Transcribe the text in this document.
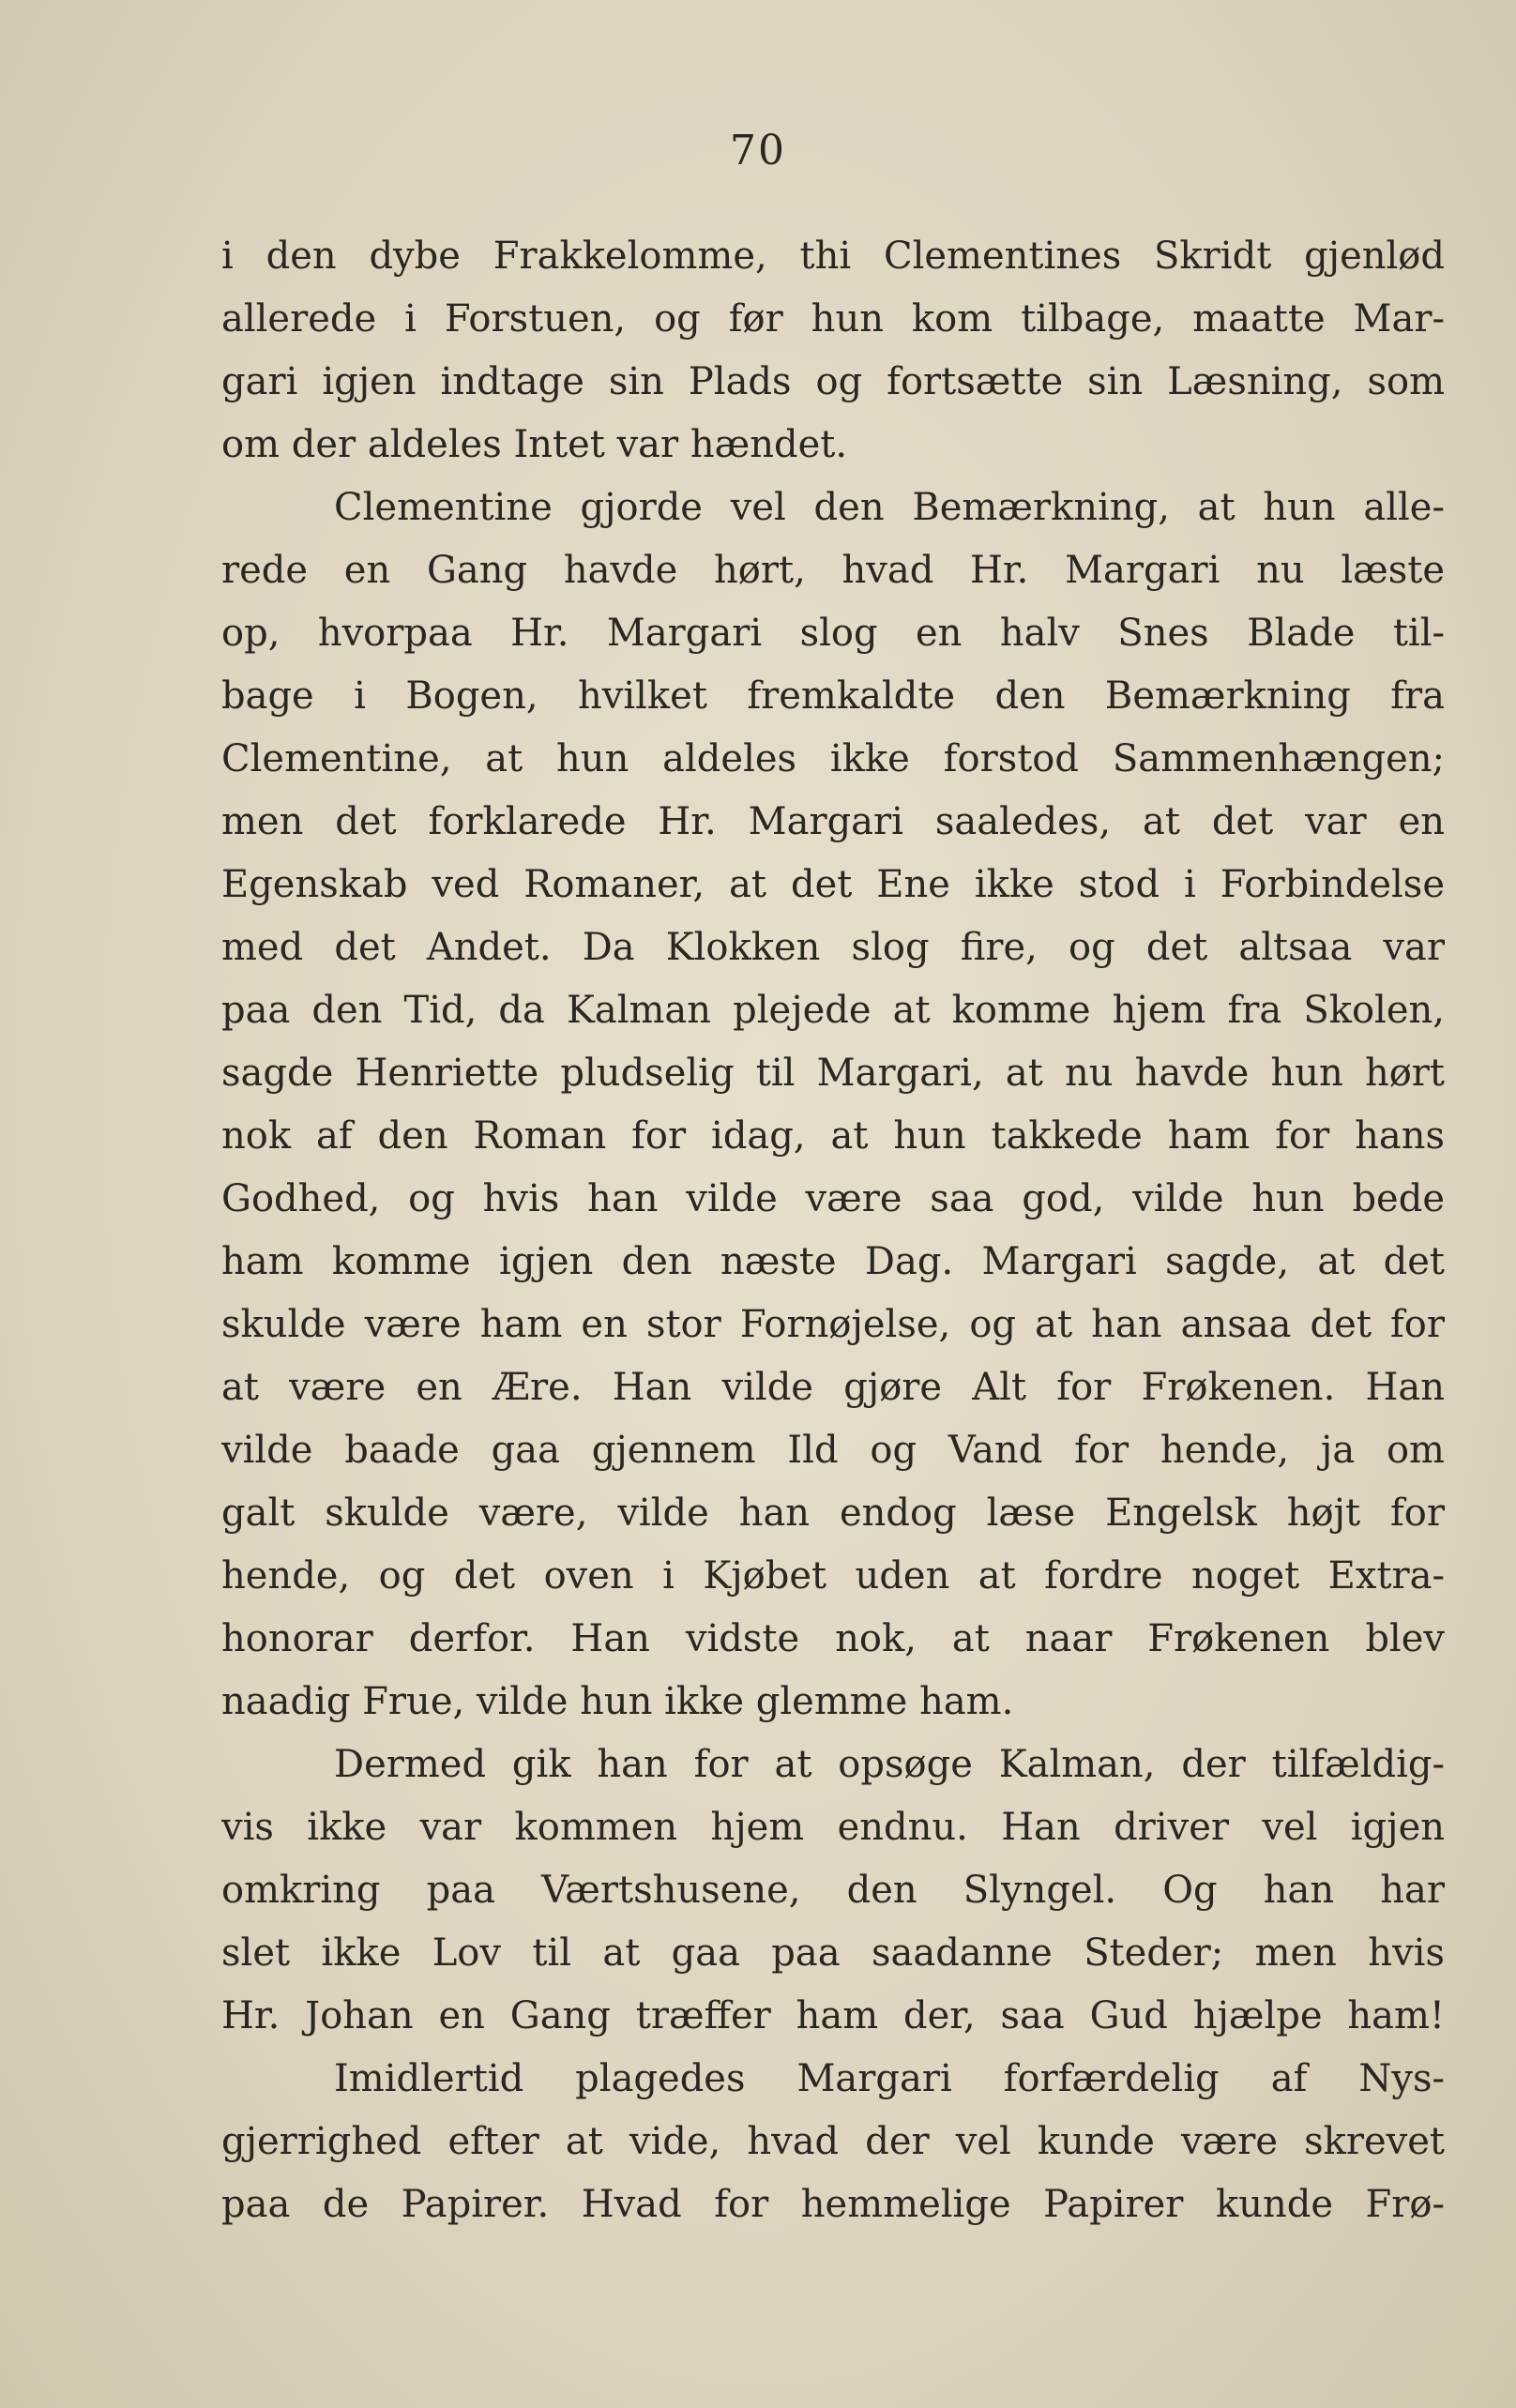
70
i den dybe Frakkelomme, thi Clementines Skridt gjenlød
allerede i Forstuen, og før hun kom tilbage, maatte Mar-
gari igjen indtage sin Plads og fortsætte sin Læsning, som
om der aldeles Intet var hændet.
Clementine gjorde vel den Bemærkning, at hun alle-
rede en Gang havde hørt, hvad Hr. Margari nu læste
op, hvorpaa Hr. Margari slog en halv Snes Blade til-
bage i Bogen, hvilket fremkaldte den Bemærkning fra
Clementine, at hun aldeles ikke forstod Sammenhængen;
men det forklarede Hr. Margari saaledes, at det var en
Egenskab ved Romaner, at det Ene ikke stod i Forbindelse
med det Andet. Da Klokken slog fire, og det altsaa var
paa den Tid, da Kalman plejede at komme hjem fra Skolen,
sagde Henriette pludselig til Margari, at nu havde hun hørt
nok af den Roman for idag, at hun takkede ham for hans
Godhed, og hvis han vilde være saa god, vilde hun bede
ham komme igjen den næste Dag. Margari sagde, at det
skulde være ham en stor Fornøjelse, og at han ansaa det for
at være en Ære. Han vilde gjøre Alt for Frøkenen. Han
vilde baade gaa gjennem Ild og Vand for hende, ja om
galt skulde være, vilde han endog læse Engelsk højt for
hende, og det oven i Kjøbet uden at fordre noget Extra-
honorar derfor. Han vidste nok, at naar Frøkenen blev
naadig Frue, vilde hun ikke glemme ham.
Dermed gik han for at opsøge Kalman, der tilfældig-
vis ikke var kommen hjem endnu. Han driver vel igjen
omkring paa Værtshusene, den Slyngel. Og han har
slet ikke Lov til at gaa paa saadanne Steder; men hvis
Hr. Johan en Gang træffer ham der, saa Gud hjælpe ham!
Imidlertid plagedes Margari forfærdelig af Nys-
gjerrighed efter at vide, hvad der vel kunde være skrevet
paa de Papirer. Hvad for hemmelige Papirer kunde Frø-
